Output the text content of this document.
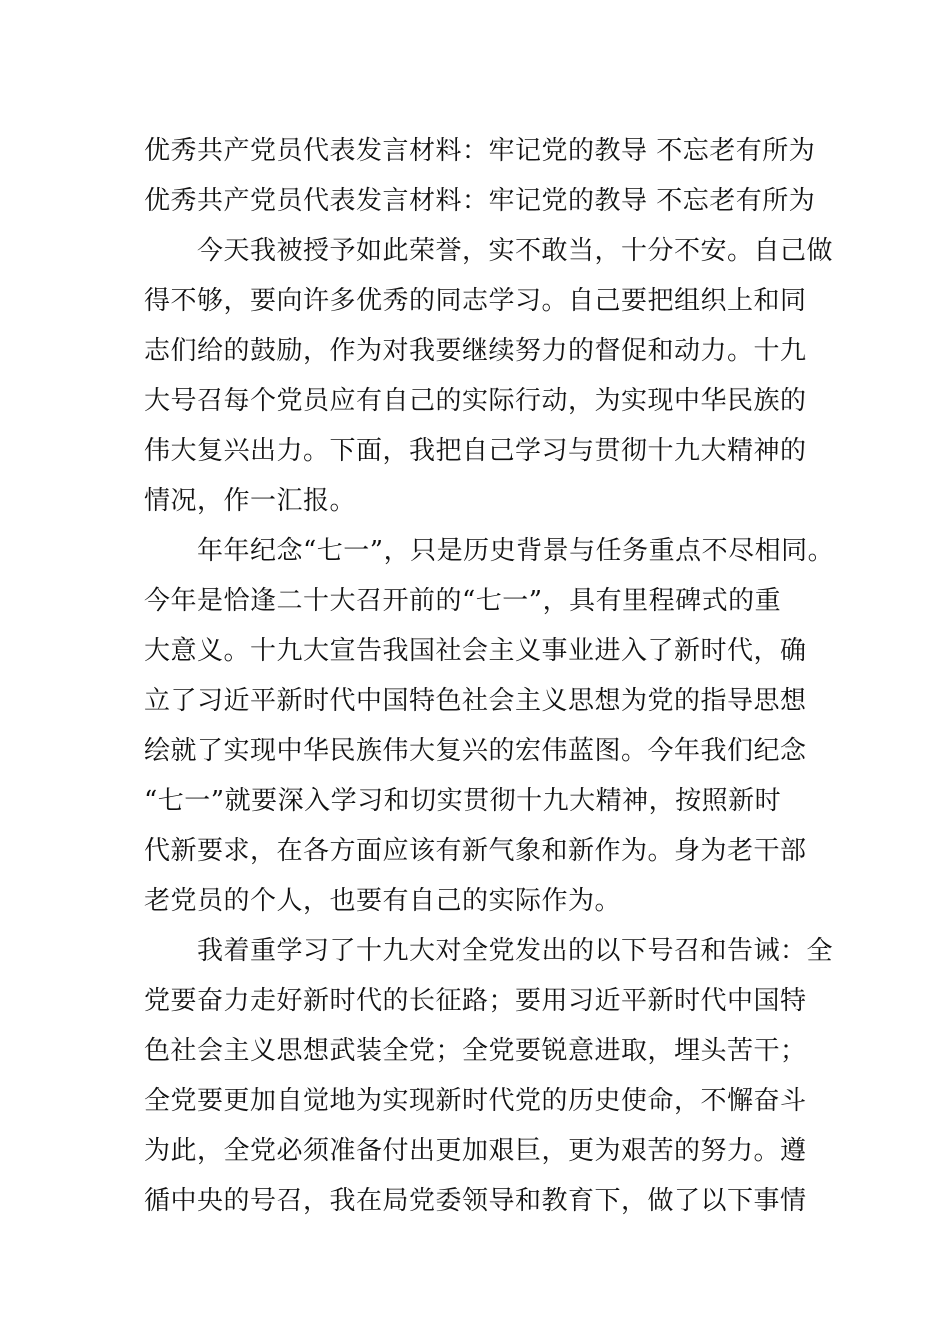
优秀共产党员代表发言材料：牢记党的教导 不忘老有所为
优秀共产党员代表发言材料：牢记党的教导 不忘老有所为
　　今天我被授予如此荣誉，实不敢当，十分不安。自己做
得不够，要向许多优秀的同志学习。自己要把组织上和同
志们给的鼓励，作为对我要继续努力的督促和动力。十九
大号召每个党员应有自己的实际行动，为实现中华民族的
伟大复兴出力。下面，我把自己学习与贯彻十九大精神的
情况，作一汇报。
　　年年纪念“七一”，只是历史背景与任务重点不尽相同。
今年是恰逢二十大召开前的“七一”，具有里程碑式的重
大意义。十九大宣告我国社会主义事业进入了新时代，确
立了习近平新时代中国特色社会主义思想为党的指导思想
绘就了实现中华民族伟大复兴的宏伟蓝图。今年我们纪念
“七一”就要深入学习和切实贯彻十九大精神，按照新时
代新要求，在各方面应该有新气象和新作为。身为老干部
老党员的个人，也要有自己的实际作为。
　　我着重学习了十九大对全党发出的以下号召和告诫：全
党要奋力走好新时代的长征路；要用习近平新时代中国特
色社会主义思想武装全党；全党要锐意进取，埋头苦干；
全党要更加自觉地为实现新时代党的历史使命，不懈奋斗
为此，全党必须准备付出更加艰巨，更为艰苦的努力。遵
循中央的号召，我在局党委领导和教育下，做了以下事情
